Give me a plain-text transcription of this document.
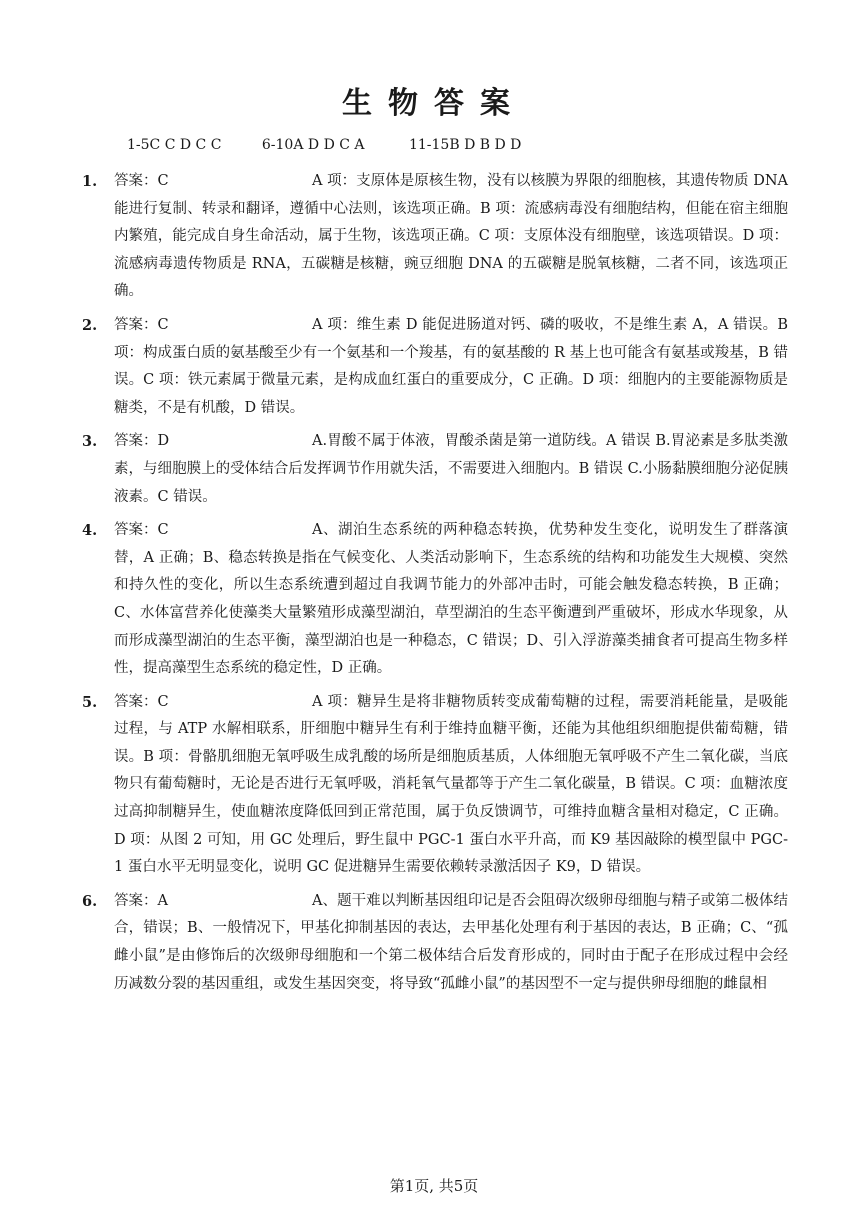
生物答案
1-5C C D C C	6-10A D D C A	11-15B D B D D
1. 答案：C	A 项：支原体是原核生物，没有以核膜为界限的细胞核，其遗传物质 DNA 能进行复制、转录和翻译，遵循中心法则，该选项正确。B 项：流感病毒没有细胞结构，但能在宿主细胞内繁殖，能完成自身生命活动，属于生物，该选项正确。C 项：支原体没有细胞壁，该选项错误。D 项：流感病毒遗传物质是 RNA，五碳糖是核糖，豌豆细胞 DNA 的五碳糖是脱氧核糖，二者不同，该选项正确。
2. 答案：C	A 项：维生素 D 能促进肠道对钙、磷的吸收，不是维生素 A，A 错误。B 项：构成蛋白质的氨基酸至少有一个氨基和一个羧基，有的氨基酸的 R 基上也可能含有氨基或羧基，B 错误。C 项：铁元素属于微量元素，是构成血红蛋白的重要成分，C 正确。D 项：细胞内的主要能源物质是糖类，不是有机酸，D 错误。
3. 答案：D	A.胃酸不属于体液，胃酸杀菌是第一道防线。A 错误 B.胃泌素是多肽类激素，与细胞膜上的受体结合后发挥调节作用就失活，不需要进入细胞内。B 错误 C.小肠黏膜细胞分泌促胰液素。C 错误。
4. 答案：C	A、湖泊生态系统的两种稳态转换，优势种发生变化，说明发生了群落演替，A 正确；B、稳态转换是指在气候变化、人类活动影响下，生态系统的结构和功能发生大规模、突然和持久性的变化，所以生态系统遭到超过自我调节能力的外部冲击时，可能会触发稳态转换，B 正确；C、水体富营养化使藻类大量繁殖形成藻型湖泊，草型湖泊的生态平衡遭到严重破坏，形成水华现象，从而形成藻型湖泊的生态平衡，藻型湖泊也是一种稳态，C 错误；D、引入浮游藻类捕食者可提高生物多样性，提高藻型生态系统的稳定性，D 正确。
5. 答案：C	A 项：糖异生是将非糖物质转变成葡萄糖的过程，需要消耗能量，是吸能过程，与 ATP 水解相联系，肝细胞中糖异生有利于维持血糖平衡，还能为其他组织细胞提供葡萄糖，错误。B 项：骨骼肌细胞无氧呼吸生成乳酸的场所是细胞质基质，人体细胞无氧呼吸不产生二氧化碳，当底物只有葡萄糖时，无论是否进行无氧呼吸，消耗氧气量都等于产生二氧化碳量，B 错误。C 项：血糖浓度过高抑制糖异生，使血糖浓度降低回到正常范围，属于负反馈调节，可维持血糖含量相对稳定，C 正确。D 项：从图 2 可知，用 GC 处理后，野生鼠中 PGC-1 蛋白水平升高，而 K9 基因敲除的模型鼠中 PGC-1 蛋白水平无明显变化，说明 GC 促进糖异生需要依赖转录激活因子 K9，D 错误。
6. 答案：A	A、题干难以判断基因组印记是否会阻碍次级卵母细胞与精子或第二极体结合，错误；B、一般情况下，甲基化抑制基因的表达，去甲基化处理有利于基因的表达，B 正确；C、“孤雌小鼠”是由修饰后的次级卵母细胞和一个第二极体结合后发育形成的，同时由于配子在形成过程中会经历减数分裂的基因重组，或发生基因突变，将导致“孤雌小鼠”的基因型不一定与提供卵母细胞的雌鼠相
第1页, 共5页
